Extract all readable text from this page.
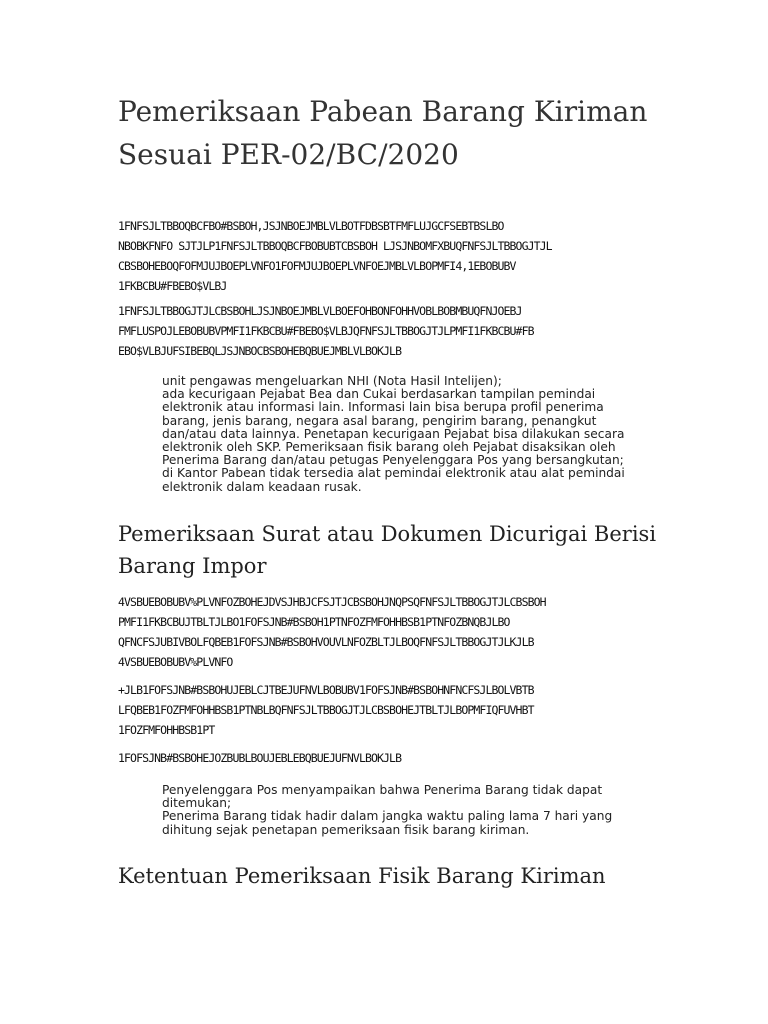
Pemeriksaan Pabean Barang Kiriman Sesuai PER-02/BC/2020

1FNFSJLTBBOQBCFBO#BSBOH,JSJNBOEJMBLVLBOTFDBSBTFMFLUJGCFSEBTBSLBO
NBOBKFNFO SJTJLP1FNFSJLTBBOQBCFBOBUBTCBSBOH LJSJNBOMFXBUQFNFSJLTBBOGJTJL
CBSBOHEBOQFOFMJUJBOEPLVNFO1FOFMJUJBOEPLVNFOEJMBLVLBOPMFI4,1EBOBUBV
1FKBCBU#FBEBO$VLBJ

1FNFSJLTBBOGJTJLCBSBOHLJSJNBOEJMBLVLBOEFOHBONFOHHVOBLBOBMBUQFNJOEBJ
FMFLUSPOJLEBOBUBVPMFI1FKBCBU#FBEBO$VLBJQFNFSJLTBBOGJTJLPMFI1FKBCBU#FB
EBO$VLBJUFSIBEBQLJSJNBOCBSBOHEBQBUEJMBLVLBOKJLB

unit pengawas mengeluarkan NHI (Nota Hasil Intelijen);
ada kecurigaan Pejabat Bea dan Cukai berdasarkan tampilan pemindai
elektronik atau informasi lain. Informasi lain bisa berupa profil penerima
barang, jenis barang, negara asal barang, pengirim barang, penangkut
dan/atau data lainnya. Penetapan kecurigaan Pejabat bisa dilakukan secara
elektronik oleh SKP. Pemeriksaan fisik barang oleh Pejabat disaksikan oleh
Penerima Barang dan/atau petugas Penyelenggara Pos yang bersangkutan;
di Kantor Pabean tidak tersedia alat pemindai elektronik atau alat pemindai
elektronik dalam keadaan rusak.
Pemeriksaan Surat atau Dokumen Dicurigai Berisi Barang Impor

4VSBUEBOBUBV%PLVNFOZBOHEJDVSJHBJCFSJTJCBSBOHJNQPSQFNFSJLTBBOGJTJLCBSBOH
PMFI1FKBCBUJTBLTJLBO1FOFSJNB#BSBOH1PTNFOZFMFOHHBSB1PTNFOZBNQBJLBO
QFNCFSJUBIVBOLFQBEB1FOFSJNB#BSBOHVOUVLNFOZBLTJLBOQFNFSJLTBBOGJTJLKJLB
4VSBUEBOBUBV%PLVNFO

+JLB1FOFSJNB#BSBOHUJEBLCJTBEJUFNVLBOBUBV1FOFSJNB#BSBOHNFNCFSJLBOLVBTB
LFQBEB1FOZFMFOHHBSB1PTNBLBQFNFSJLTBBOGJTJLCBSBOHEJTBLTJLBOPMFIQFUVHBT
1FOZFMFOHHBSB1PT

1FOFSJNB#BSBOHEJOZBUBLBOUJEBLEBQBUEJUFNVLBOKJLB

Penyelenggara Pos menyampaikan bahwa Penerima Barang tidak dapat
ditemukan;
Penerima Barang tidak hadir dalam jangka waktu paling lama 7 hari yang
dihitung sejak penetapan pemeriksaan fisik barang kiriman.
Ketentuan Pemeriksaan Fisik Barang Kiriman
